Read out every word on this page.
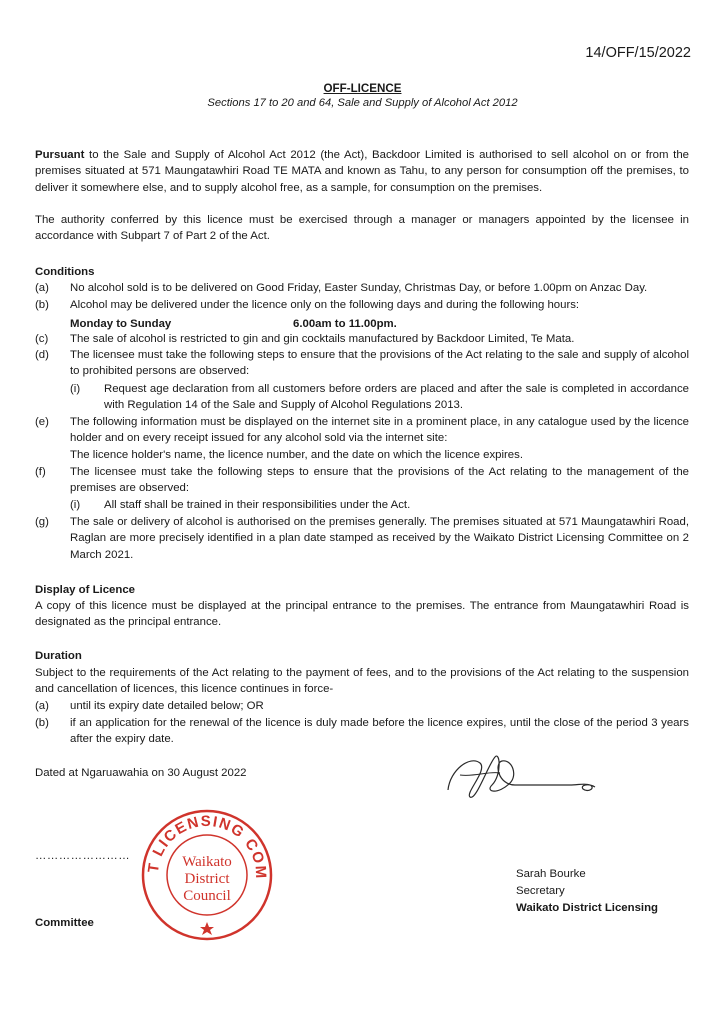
14/OFF/15/2022
OFF-LICENCE
Sections 17 to 20 and 64, Sale and Supply of Alcohol Act 2012
Pursuant to the Sale and Supply of Alcohol Act 2012 (the Act), Backdoor Limited is authorised to sell alcohol on or from the premises situated at 571 Maungatawhiri Road TE MATA and known as Tahu, to any person for consumption off the premises, to deliver it somewhere else, and to supply alcohol free, as a sample, for consumption on the premises.
The authority conferred by this licence must be exercised through a manager or managers appointed by the licensee in accordance with Subpart 7 of Part 2 of the Act.
Conditions
(a) No alcohol sold is to be delivered on Good Friday, Easter Sunday, Christmas Day, or before 1.00pm on Anzac Day.
(b) Alcohol may be delivered under the licence only on the following days and during the following hours:
Monday to Sunday	6.00am to 11.00pm.
(c) The sale of alcohol is restricted to gin and gin cocktails manufactured by Backdoor Limited, Te Mata.
(d) The licensee must take the following steps to ensure that the provisions of the Act relating to the sale and supply of alcohol to prohibited persons are observed:
(i) Request age declaration from all customers before orders are placed and after the sale is completed in accordance with Regulation 14 of the Sale and Supply of Alcohol Regulations 2013.
(e) The following information must be displayed on the internet site in a prominent place, in any catalogue used by the licence holder and on every receipt issued for any alcohol sold via the internet site:
The licence holder's name, the licence number, and the date on which the licence expires.
(f) The licensee must take the following steps to ensure that the provisions of the Act relating to the management of the premises are observed:
(i) All staff shall be trained in their responsibilities under the Act.
(g) The sale or delivery of alcohol is authorised on the premises generally. The premises situated at 571 Maungatawhiri Road, Raglan are more precisely identified in a plan date stamped as received by the Waikato District Licensing Committee on 2 March 2021.
Display of Licence
A copy of this licence must be displayed at the principal entrance to the premises. The entrance from Maungatawhiri Road is designated as the principal entrance.
Duration
Subject to the requirements of the Act relating to the payment of fees, and to the provisions of the Act relating to the suspension and cancellation of licences, this licence continues in force-
(a) until its expiry date detailed below; OR
(b) if an application for the renewal of the licence is duly made before the licence expires, until the close of the period 3 years after the expiry date.
Dated at Ngaruawahia on 30 August 2022
……………………
Committee
T LICENSING COM
Waikato
District
Council
Sarah Bourke
Secretary
Waikato District Licensing
